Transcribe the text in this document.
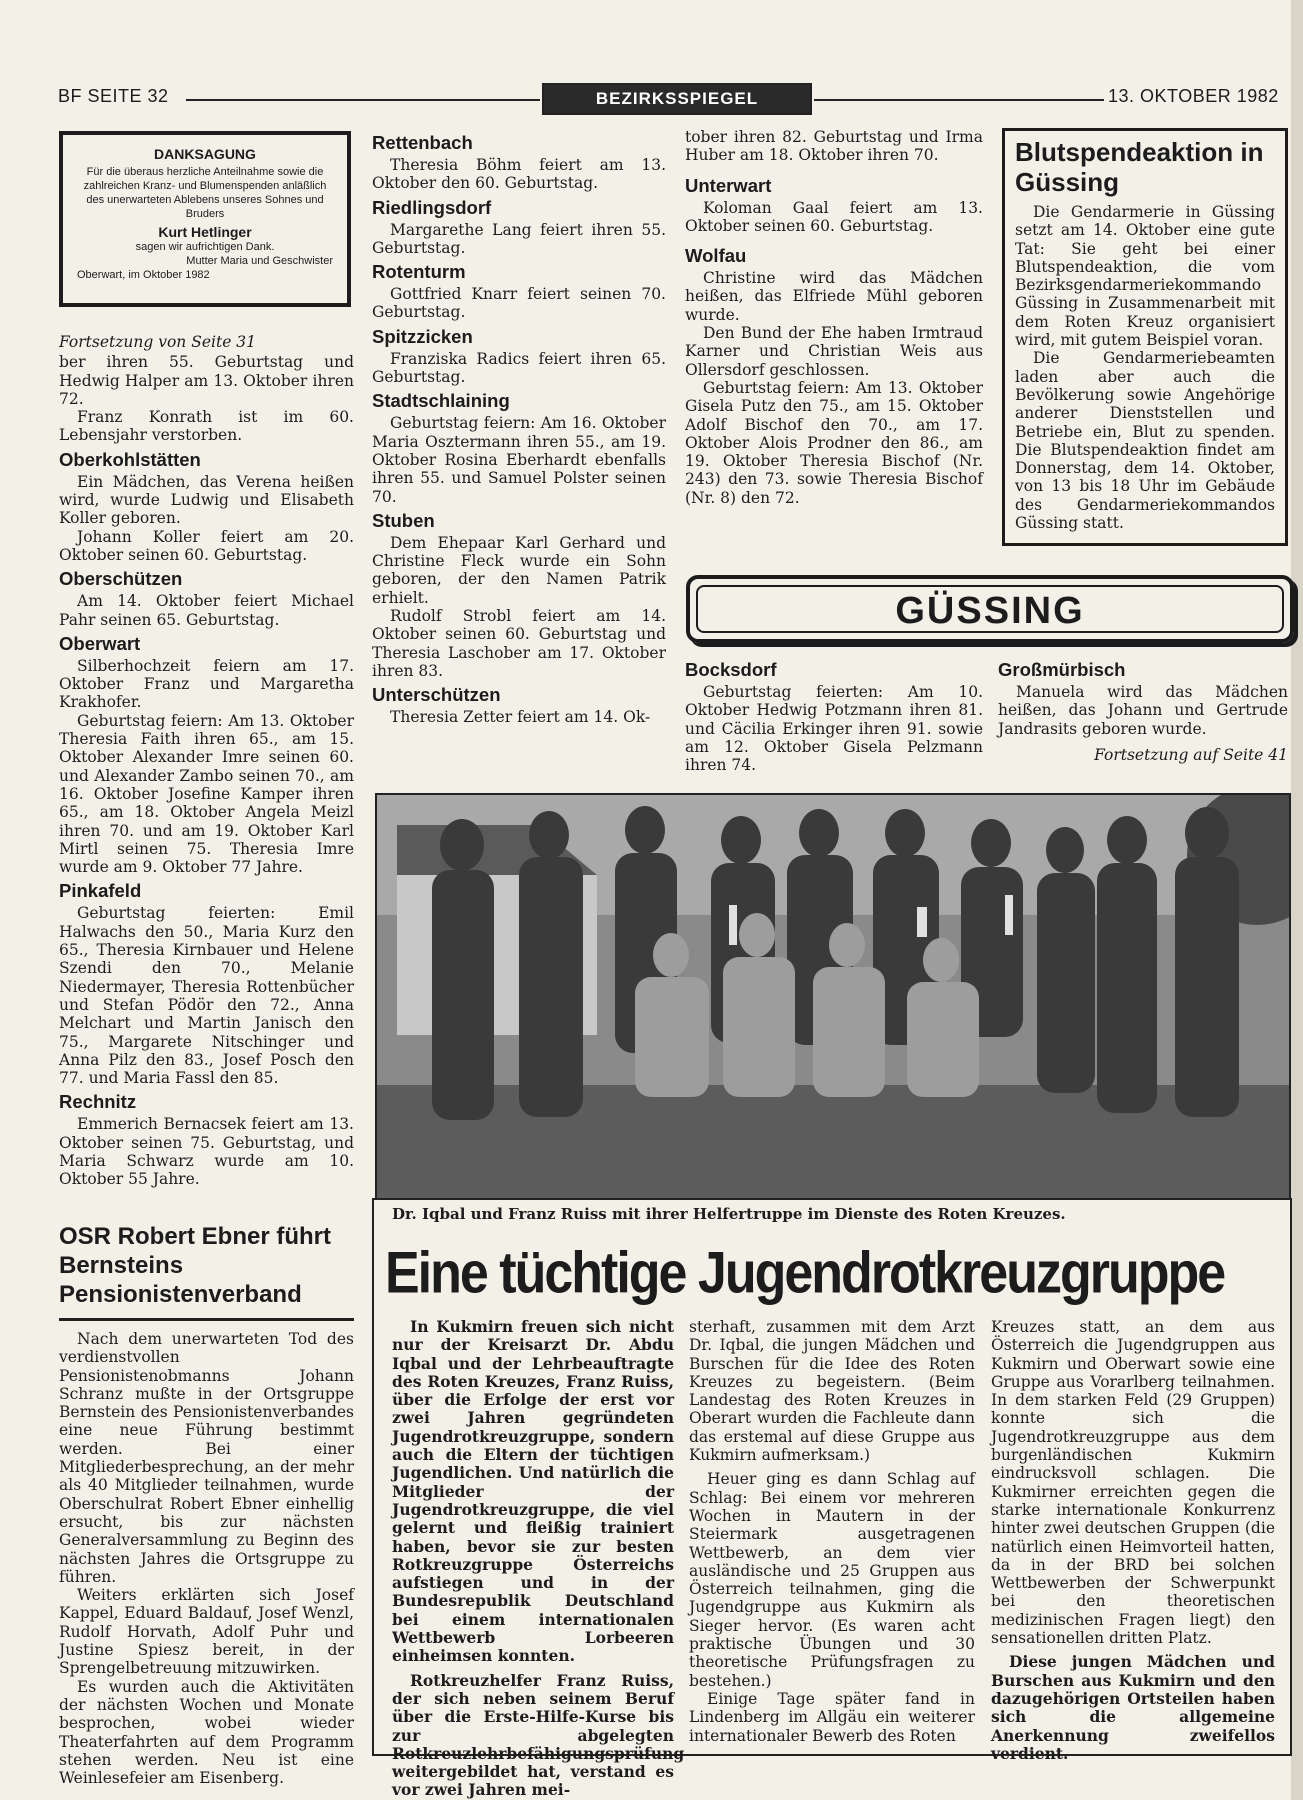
BF SEITE 32	BEZIRKSSPIEGEL	13. OKTOBER 1982
DANKSAGUNG
Für die überaus herzliche Anteilnahme sowie die zahlreichen Kranz- und Blumenspenden anläßlich des unerwarteten Ablebens unseres Sohnes und Bruders
Kurt Hetlinger
sagen wir aufrichtigen Dank.
Mutter Maria und Geschwister
Oberwart, im Oktober 1982

Fortsetzung von Seite 31

ber ihren 55. Geburtstag und Hedwig Halper am 13. Oktober ihren 72.

Franz Konrath ist im 60. Lebensjahr verstorben.

Oberkohlstätten

Ein Mädchen, das Verena heißen wird, wurde Ludwig und Elisabeth Koller geboren.

Johann Koller feiert am 20. Oktober seinen 60. Geburtstag.

Oberschützen

Am 14. Oktober feiert Michael Pahr seinen 65. Geburtstag.

Oberwart

Silberhochzeit feiern am 17. Oktober Franz und Margaretha Krakhofer.

Geburtstag feiern: Am 13. Oktober Theresia Faith ihren 65., am 15. Oktober Alexander Imre seinen 60. und Alexander Zambo seinen 70., am 16. Oktober Josefine Kamper ihren 65., am 18. Oktober Angela Meizl ihren 70. und am 19. Oktober Karl Mirtl seinen 75. Theresia Imre wurde am 9. Oktober 77 Jahre.

Pinkafeld

Geburtstag feierten: Emil Halwachs den 50., Maria Kurz den 65., Theresia Kirnbauer und Helene Szendi den 70., Melanie Niedermayer, Theresia Rottenbücher und Stefan Pödör den 72., Anna Melchart und Martin Janisch den 75., Margarete Nitschinger und Anna Pilz den 83., Josef Posch den 77. und Maria Fassl den 85.

Rechnitz

Emmerich Bernacsek feiert am 13. Oktober seinen 75. Geburtstag, und Maria Schwarz wurde am 10. Oktober 55 Jahre.

Rettenbach

Theresia Böhm feiert am 13. Oktober den 60. Geburtstag.

Riedlingsdorf

Margarethe Lang feiert ihren 55. Geburtstag.

Rotenturm

Gottfried Knarr feiert seinen 70. Geburtstag.

Spitzzicken

Franziska Radics feiert ihren 65. Geburtstag.

Stadtschlaining

Geburtstag feiern: Am 16. Oktober Maria Osztermann ihren 55., am 19. Oktober Rosina Eberhardt ebenfalls ihren 55. und Samuel Polster seinen 70.

Stuben

Dem Ehepaar Karl Gerhard und Christine Fleck wurde ein Sohn geboren, der den Namen Patrik erhielt.

Rudolf Strobl feiert am 14. Oktober seinen 60. Geburtstag und Theresia Laschober am 17. Oktober ihren 83.

Unterschützen

Theresia Zetter feiert am 14. Ok-

tober ihren 82. Geburtstag und Irma Huber am 18. Oktober ihren 70.

Unterwart

Koloman Gaal feiert am 13. Oktober seinen 60. Geburtstag.

Wolfau

Christine wird das Mädchen heißen, das Elfriede Mühl geboren wurde.

Den Bund der Ehe haben Irmtraud Karner und Christian Weis aus Ollersdorf geschlossen.

Geburtstag feiern: Am 13. Oktober Gisela Putz den 75., am 15. Oktober Adolf Bischof den 70., am 17. Oktober Alois Prodner den 86., am 19. Oktober Theresia Bischof (Nr. 243) den 73. sowie Theresia Bischof (Nr. 8) den 72.

Blutspendeaktion in Güssing

Die Gendarmerie in Güssing setzt am 14. Oktober eine gute Tat: Sie geht bei einer Blutspendeaktion, die vom Bezirksgendarmeriekommando Güssing in Zusammenarbeit mit dem Roten Kreuz organisiert wird, mit gutem Beispiel voran.

Die Gendarmeriebeamten laden aber auch die Bevölkerung sowie Angehörige anderer Dienststellen und Betriebe ein, Blut zu spenden. Die Blutspendeaktion findet am Donnerstag, dem 14. Oktober, von 13 bis 18 Uhr im Gebäude des Gendarmeriekommandos Güssing statt.

GÜSSING
Bocksdorf

Geburtstag feierten: Am 10. Oktober Hedwig Potzmann ihren 81. und Cäcilia Erkinger ihren 91. sowie am 12. Oktober Gisela Pelzmann ihren 74.

Großmürbisch

Manuela wird das Mädchen heißen, das Johann und Gertrude Jandrasits geboren wurde.

Fortsetzung auf Seite 41

Dr. Iqbal und Franz Ruiss mit ihrer Helfertruppe im Dienste des Roten Kreuzes.
Eine tüchtige Jugendrotkreuzgruppe

In Kukmirn freuen sich nicht nur der Kreisarzt Dr. Abdu Iqbal und der Lehrbeauftragte des Roten Kreuzes, Franz Ruiss, über die Erfolge der erst vor zwei Jahren gegründeten Jugendrotkreuzgruppe, sondern auch die Eltern der tüchtigen Jugendlichen. Und natürlich die Mitglieder der Jugendrotkreuzgruppe, die viel gelernt und fleißig trainiert haben, bevor sie zur besten Rotkreuzgruppe Österreichs aufstiegen und in der Bundesrepublik Deutschland bei einem internationalen Wettbewerb Lorbeeren einheimsen konnten.

Rotkreuzhelfer Franz Ruiss, der sich neben seinem Beruf über die Erste-Hilfe-Kurse bis zur abgelegten Rotkreuzlehrbefähigungsprüfung weitergebildet hat, verstand es vor zwei Jahren mei-

sterhaft, zusammen mit dem Arzt Dr. Iqbal, die jungen Mädchen und Burschen für die Idee des Roten Kreuzes zu begeistern. (Beim Landestag des Roten Kreuzes in Oberart wurden die Fachleute dann das erstemal auf diese Gruppe aus Kukmirn aufmerksam.)

Heuer ging es dann Schlag auf Schlag: Bei einem vor mehreren Wochen in Mautern in der Steiermark ausgetragenen Wettbewerb, an dem vier ausländische und 25 Gruppen aus Österreich teilnahmen, ging die Jugendgruppe aus Kukmirn als Sieger hervor. (Es waren acht praktische Übungen und 30 theoretische Prüfungsfragen zu bestehen.)

Einige Tage später fand in Lindenberg im Allgäu ein weiterer internationaler Bewerb des Roten

Kreuzes statt, an dem aus Österreich die Jugendgruppen aus Kukmirn und Oberwart sowie eine Gruppe aus Vorarlberg teilnahmen. In dem starken Feld (29 Gruppen) konnte sich die Jugendrotkreuzgruppe aus dem burgenländischen Kukmirn eindrucksvoll schlagen. Die Kukmirner erreichten gegen die starke internationale Konkurrenz hinter zwei deutschen Gruppen (die natürlich einen Heimvorteil hatten, da in der BRD bei solchen Wettbewerben der Schwerpunkt bei den theoretischen medizinischen Fragen liegt) den sensationellen dritten Platz.

Diese jungen Mädchen und Burschen aus Kukmirn und den dazugehörigen Ortsteilen haben sich die allgemeine Anerkennung zweifellos verdient.

OSR Robert Ebner führt Bernsteins Pensionistenverband

Nach dem unerwarteten Tod des verdienstvollen Pensionistenobmanns Johann Schranz mußte in der Ortsgruppe Bernstein des Pensionistenverbandes eine neue Führung bestimmt werden. Bei einer Mitgliederbesprechung, an der mehr als 40 Mitglieder teilnahmen, wurde Oberschulrat Robert Ebner einhellig ersucht, bis zur nächsten Generalversammlung zu Beginn des nächsten Jahres die Ortsgruppe zu führen.

Weiters erklärten sich Josef Kappel, Eduard Baldauf, Josef Wenzl, Rudolf Horvath, Adolf Puhr und Justine Spiesz bereit, in der Sprengelbetreuung mitzuwirken.

Es wurden auch die Aktivitäten der nächsten Wochen und Monate besprochen, wobei wieder Theaterfahrten auf dem Programm stehen werden. Neu ist eine Weinlesefeier am Eisenberg.
